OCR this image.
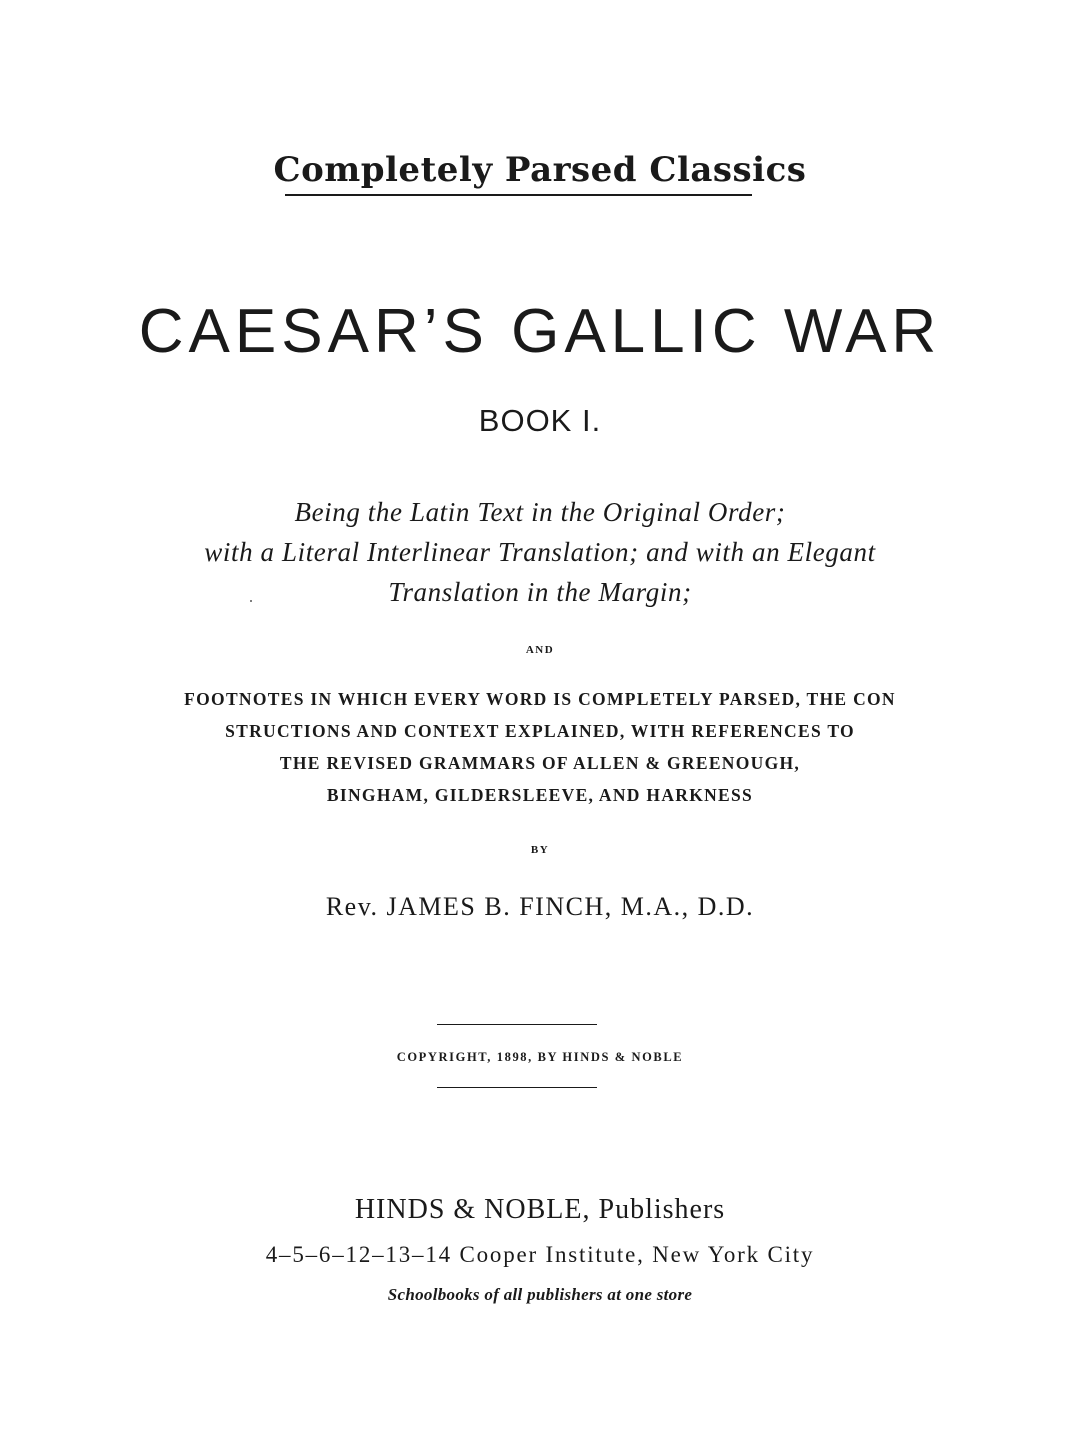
Completely Parsed Classics
CAESAR’S GALLIC WAR
BOOK I.
Being the Latin Text in the Original Order;
with a Literal Interlinear Translation; and with an Elegant
Translation in the Margin;
AND
FOOTNOTES IN WHICH EVERY WORD IS COMPLETELY PARSED, THE CON
STRUCTIONS AND CONTEXT EXPLAINED, WITH REFERENCES TO
THE REVISED GRAMMARS OF ALLEN & GREENOUGH,
BINGHAM, GILDERSLEEVE, AND HARKNESS
BY
Rev. JAMES B. FINCH, M.A., D.D.
COPYRIGHT, 1898, BY HINDS & NOBLE
HINDS & NOBLE, Publishers
4–5–6–12–13–14 Cooper Institute, New York City
Schoolbooks of all publishers at one store
